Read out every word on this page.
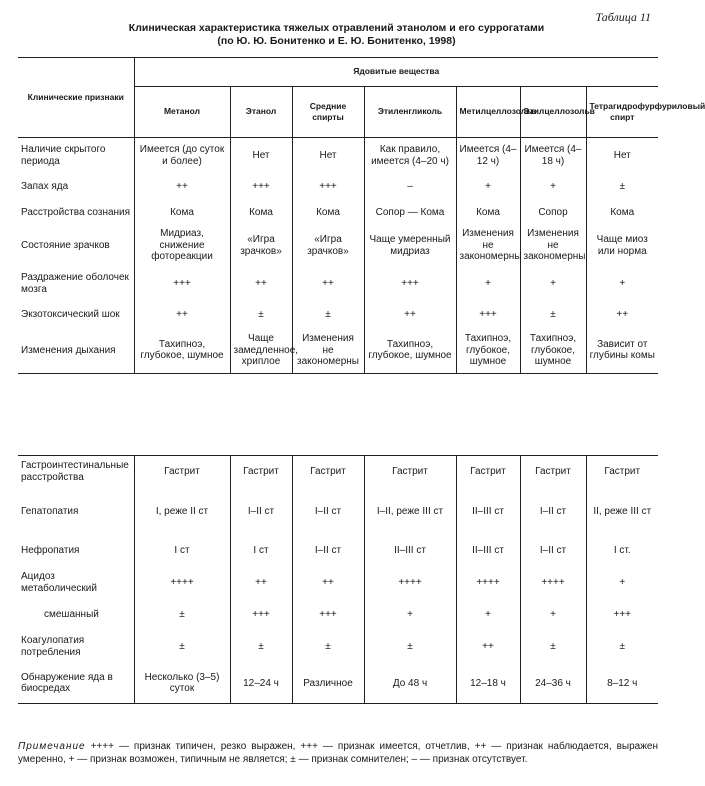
Таблица 11
Клиническая характеристика тяжелых отравлений этанолом и его суррогатами
(по Ю. Ю. Бонитенко и Е. Ю. Бонитенко, 1998)
Клинические признаки	Ядовитые вещества						
	Метанол	Этанол	Средние спирты	Этиленгликоль	Метилцеллозольв	Этилцеллозольв	Тетрагидрофурфуриловый спирт
Наличие скрытого периода	Имеется (до суток и более)	Нет	Нет	Как правило, имеется (4–20 ч)	Имеется (4–12 ч)	Имеется (4–18 ч)	Нет
Запах яда	++	+++	+++	–	+	+	±
Расстройства сознания	Кома	Кома	Кома	Сопор — Кома	Кома	Сопор	Кома
Состояние зрачков	Мидриаз, снижение фотореакции	«Игра зрачков»	«Игра зрачков»	Чаще умеренный мидриаз	Изменения не закономерны	Изменения не закономерны	Чаще миоз или норма
Раздражение оболочек мозга	+++	++	++	+++	+	+	+
Экзотоксический шок	++	±	±	++	+++	±	++
Изменения дыхания	Тахипноэ, глубокое, шумное	Чаще замедленное, хриплое	Изменения не закономерны	Тахипноэ, глубокое, шумное	Тахипноэ, глубокое, шумное	Тахипноэ, глубокое, шумное	Зависит от глубины комы
Гастроинтестинальные расстройства	Гастрит	Гастрит	Гастрит	Гастрит	Гастрит	Гастрит	Гастрит
Гепатопатия	I, реже II ст	I–II ст	I–II ст	I–II, реже III ст	II–III ст	I–II ст	II, реже III ст
Нефропатия	I ст	I ст	I–II ст	II–III ст	II–III ст	I–II ст	I ст.
Ацидоз метаболический	++++	++	++	++++	++++	++++	+
смешанный	±	+++	+++	+	+	+	+++
Коагулопатия потребления	±	±	±	±	++	±	±
Обнаружение яда в биосредах	Несколько (3–5) суток	12–24 ч	Различное	До 48 ч	12–18 ч	24–36 ч	8–12 ч
Примечание ++++ — признак типичен, резко выражен, +++ — признак имеется, отчетлив, ++ — признак наблюдается, выражен умеренно, + — признак возможен, типичным не является; ± — признак сомнителен; – — признак отсутствует.
